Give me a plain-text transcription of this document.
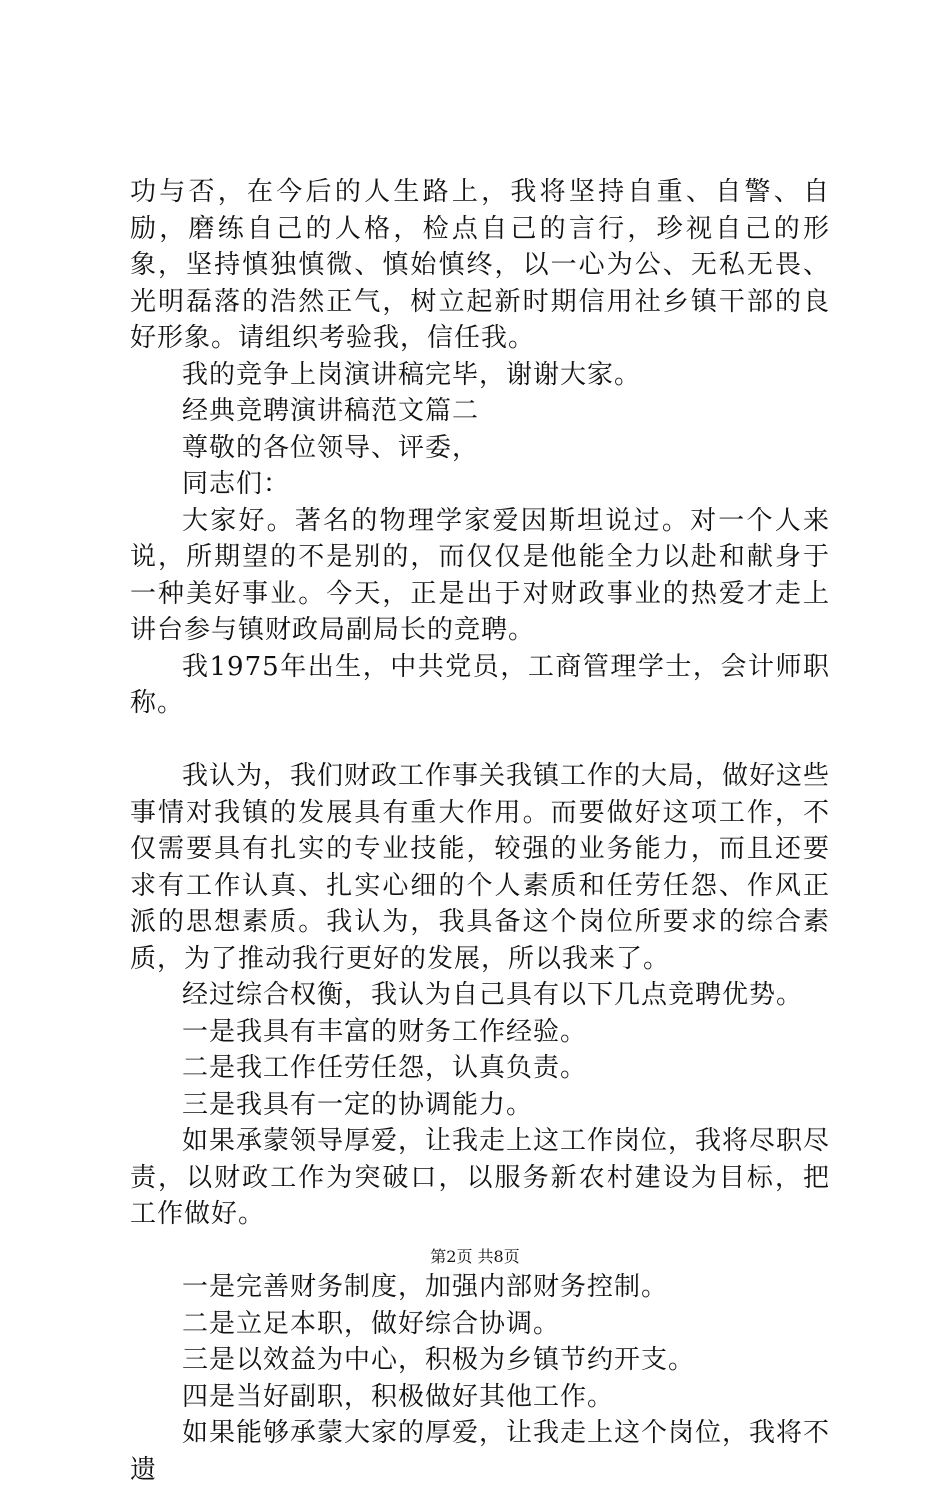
功与否，在今后的人生路上，我将坚持自重、自警、自励，磨练自己的人格，检点自己的言行，珍视自己的形象，坚持慎独慎微、慎始慎终，以一心为公、无私无畏、光明磊落的浩然正气，树立起新时期信用社乡镇干部的良好形象。请组织考验我，信任我。

我的竞争上岗演讲稿完毕，谢谢大家。

经典竞聘演讲稿范文篇二

尊敬的各位领导、评委，

同志们：

大家好。著名的物理学家爱因斯坦说过。对一个人来说，所期望的不是别的，而仅仅是他能全力以赴和献身于一种美好事业。今天，正是出于对财政事业的热爱才走上讲台参与镇财政局副局长的竞聘。

我1975年出生，中共党员，工商管理学士，会计师职称。

我认为，我们财政工作事关我镇工作的大局，做好这些事情对我镇的发展具有重大作用。而要做好这项工作，不仅需要具有扎实的专业技能，较强的业务能力，而且还要求有工作认真、扎实心细的个人素质和任劳任怨、作风正派的思想素质。我认为，我具备这个岗位所要求的综合素质，为了推动我行更好的发展，所以我来了。

经过综合权衡，我认为自己具有以下几点竞聘优势。

一是我具有丰富的财务工作经验。

二是我工作任劳任怨，认真负责。

三是我具有一定的协调能力。

如果承蒙领导厚爱，让我走上这工作岗位，我将尽职尽责，以财政工作为突破口，以服务新农村建设为目标，把工作做好。

一是完善财务制度，加强内部财务控制。

二是立足本职，做好综合协调。

三是以效益为中心，积极为乡镇节约开支。

四是当好副职，积极做好其他工作。

如果能够承蒙大家的厚爱，让我走上这个岗位，我将不遗

第2页 共8页
